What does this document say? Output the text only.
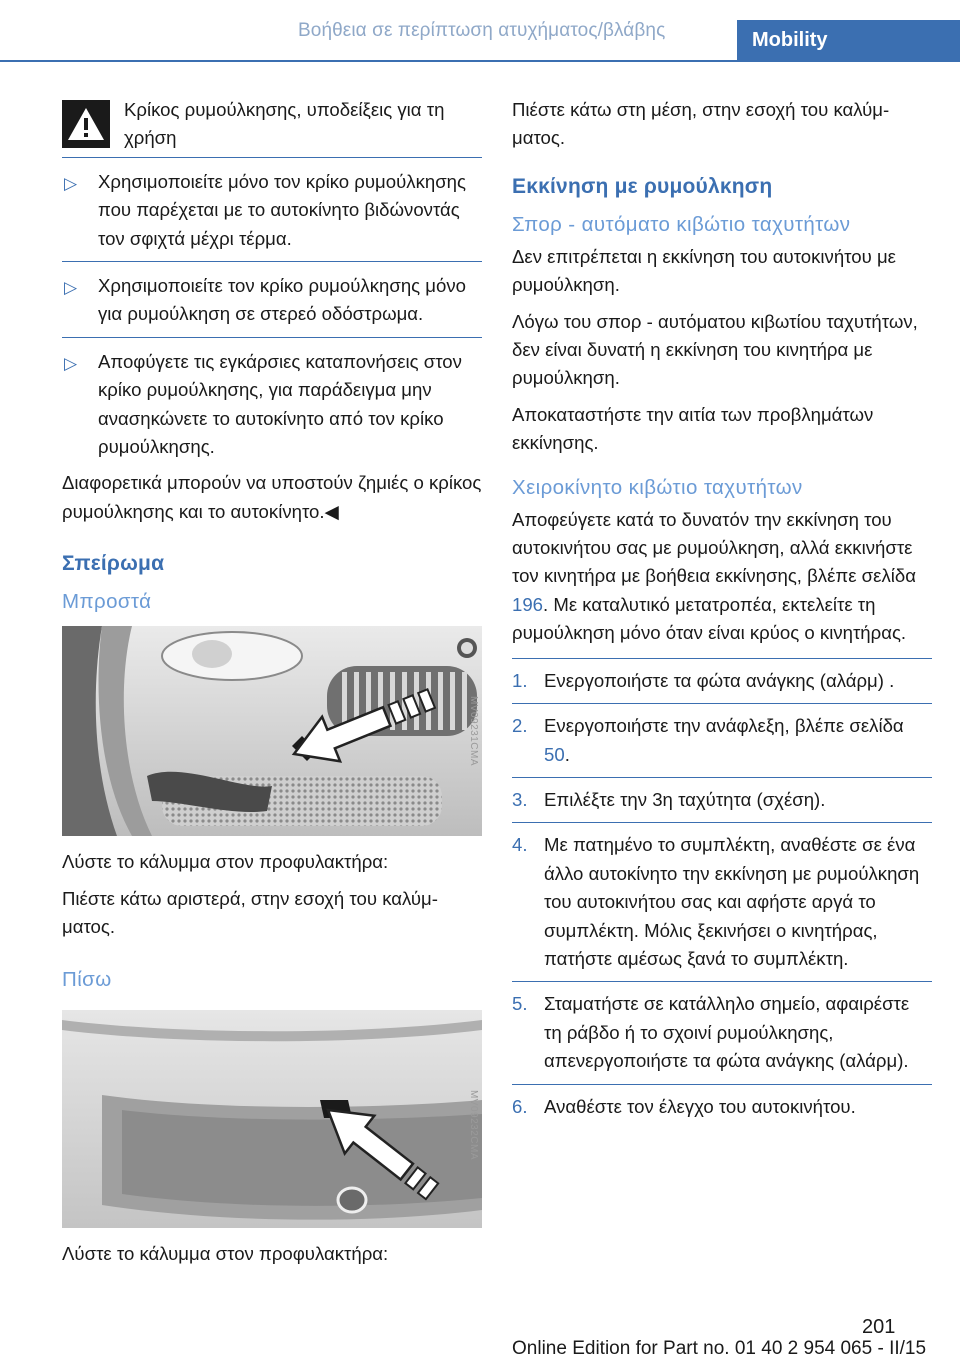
Βοήθεια σε περίπτωση ατυχήματος/βλάβης	Mobility
Κρίκος ρυμούλκησης, υποδείξεις για τη χρήση
▷ Χρησιμοποιείτε μόνο τον κρίκο ρυμούλκησης που παρέχεται με το αυτοκίνητο βιδώνοντάς τον σφιχτά μέχρι τέρμα.
▷ Χρησιμοποιείτε τον κρίκο ρυμούλκησης μόνο για ρυμούλκηση σε στερεό οδόστρωμα.
▷ Αποφύγετε τις εγκάρσιες καταπονήσεις στον κρίκο ρυμούλκησης, για παράδειγμα μην ανασηκώνετε το αυτοκίνητο από τον κρίκο ρυμούλκησης.

Διαφορετικά μπορούν να υποστούν ζημιές ο κρίκος ρυμούλκησης και το αυτοκίνητο.◀

Σπείρωμα
Μπροστά
MV09231CMA

Λύστε το κάλυμμα στον προφυλακτήρα:

Πιέστε κάτω αριστερά, στην εσοχή του καλύμματος.

Πίσω
MV09232CMA

Λύστε το κάλυμμα στον προφυλακτήρα:

Πιέστε κάτω στη μέση, στην εσοχή του καλύμματος.

Εκκίνηση με ρυμούλκηση
Σπορ - αυτόματο κιβώτιο ταχυτήτων

Δεν επιτρέπεται η εκκίνηση του αυτοκινήτου με ρυμούλκηση.

Λόγω του σπορ - αυτόματου κιβωτίου ταχυτήτων, δεν είναι δυνατή η εκκίνηση του κινητήρα με ρυμούλκηση.

Αποκαταστήστε την αιτία των προβλημάτων εκκίνησης.

Χειροκίνητο κιβώτιο ταχυτήτων

Αποφεύγετε κατά το δυνατόν την εκκίνηση του αυτοκινήτου σας με ρυμούλκηση, αλλά εκκινήστε τον κινητήρα με βοήθεια εκκίνησης, βλέπε σελίδα 196. Με καταλυτικό μετατροπέα, εκτελείτε τη ρυμούλκηση μόνο όταν είναι κρύος ο κινητήρας.

1. Ενεργοποιήστε τα φώτα ανάγκης (αλάρμ) .
2. Ενεργοποιήστε την ανάφλεξη, βλέπε σελίδα 50.
3. Επιλέξτε την 3η ταχύτητα (σχέση).
4. Με πατημένο το συμπλέκτη, αναθέστε σε ένα άλλο αυτοκίνητο την εκκίνηση με ρυμούλκηση του αυτοκινήτου σας και αφήστε αργά το συμπλέκτη. Μόλις ξεκινήσει ο κινητήρας, πατήστε αμέσως ξανά το συμπλέκτη.
5. Σταματήστε σε κατάλληλο σημείο, αφαιρέστε τη ράβδο ή το σχοινί ρυμούλκησης, απενεργοποιήστε τα φώτα ανάγκης (αλάρμ).
6. Αναθέστε τον έλεγχο του αυτοκινήτου.
201
Online Edition for Part no. 01 40 2 954 065 - II/15
